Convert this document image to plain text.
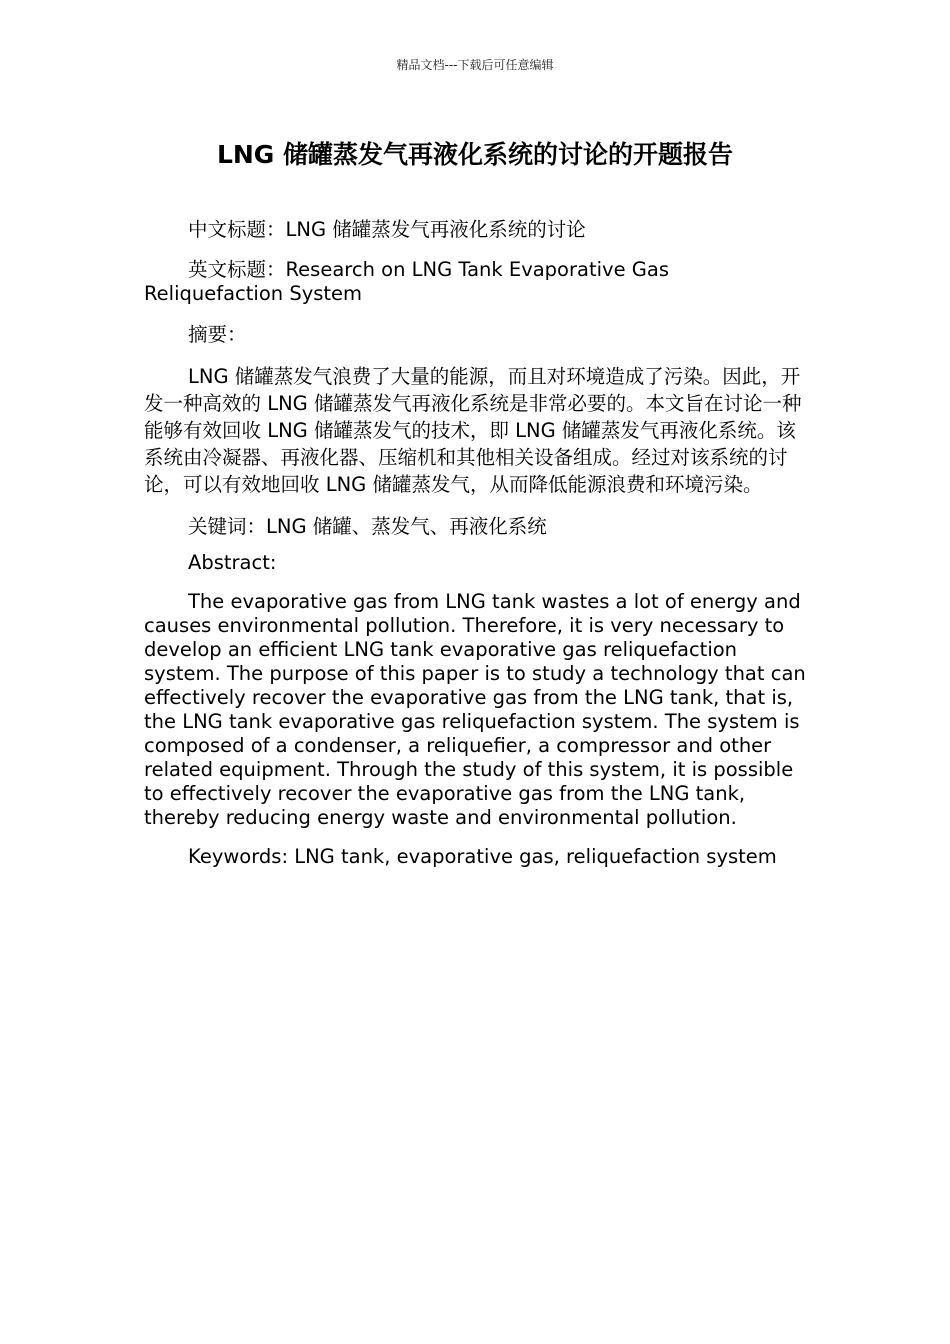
精品文档---下载后可任意编辑
LNG 储罐蒸发气再液化系统的讨论的开题报告

中文标题：LNG 储罐蒸发气再液化系统的讨论

英文标题：Research on LNG Tank Evaporative Gas Reliquefaction System

摘要：

LNG 储罐蒸发气浪费了大量的能源，而且对环境造成了污染。因此，开发一种高效的 LNG 储罐蒸发气再液化系统是非常必要的。本文旨在讨论一种能够有效回收 LNG 储罐蒸发气的技术，即 LNG 储罐蒸发气再液化系统。该系统由冷凝器、再液化器、压缩机和其他相关设备组成。经过对该系统的讨论，可以有效地回收 LNG 储罐蒸发气，从而降低能源浪费和环境污染。

关键词：LNG 储罐、蒸发气、再液化系统

Abstract:

The evaporative gas from LNG tank wastes a lot of energy and causes environmental pollution. Therefore, it is very necessary to develop an efficient LNG tank evaporative gas reliquefaction system. The purpose of this paper is to study a technology that can effectively recover the evaporative gas from the LNG tank, that is, the LNG tank evaporative gas reliquefaction system. The system is composed of a condenser, a reliquefier, a compressor and other related equipment. Through the study of this system, it is possible to effectively recover the evaporative gas from the LNG tank, thereby reducing energy waste and environmental pollution.

Keywords: LNG tank, evaporative gas, reliquefaction system
